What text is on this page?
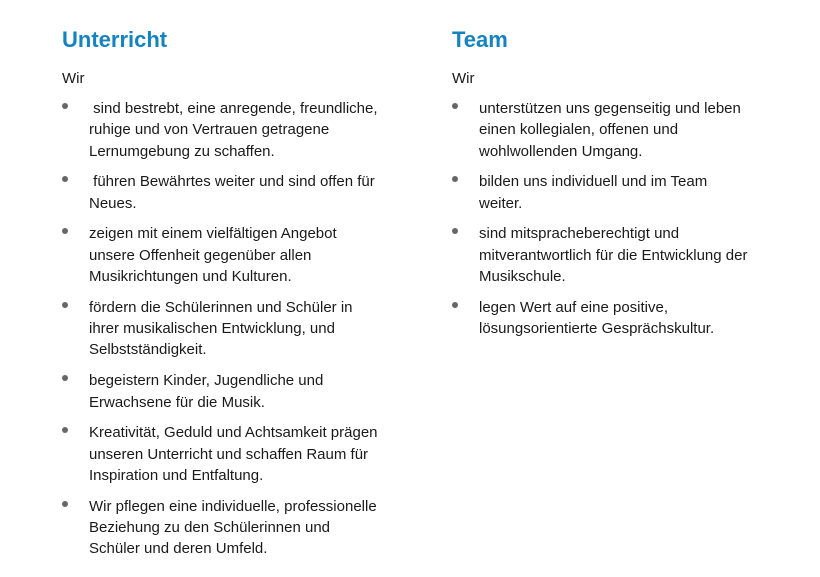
Unterricht
Wir
sind bestrebt, eine anregende, freundliche,
ruhige und von Vertrauen getragene
Lernumgebung zu schaffen.
führen Bewährtes weiter und sind offen für
Neues.
zeigen mit einem vielfältigen Angebot
unsere Offenheit gegenüber allen
Musikrichtungen und Kulturen.
fördern die Schülerinnen und Schüler in
ihrer musikalischen Entwicklung, und
Selbstständigkeit.
begeistern Kinder, Jugendliche und
Erwachsene für die Musik.
Kreativität, Geduld und Achtsamkeit prägen
unseren Unterricht und schaffen Raum für
Inspiration und Entfaltung.
Wir pflegen eine individuelle, professionelle
Beziehung zu den Schülerinnen und
Schüler und deren Umfeld.
Team
Wir
unterstützen uns gegenseitig und leben
einen kollegialen, offenen und
wohlwollenden Umgang.
bilden uns individuell und im Team
weiter.
sind mitspracheberechtigt und
mitverantwortlich für die Entwicklung der
Musikschule.
legen Wert auf eine positive,
lösungsorientierte Gesprächskultur.
